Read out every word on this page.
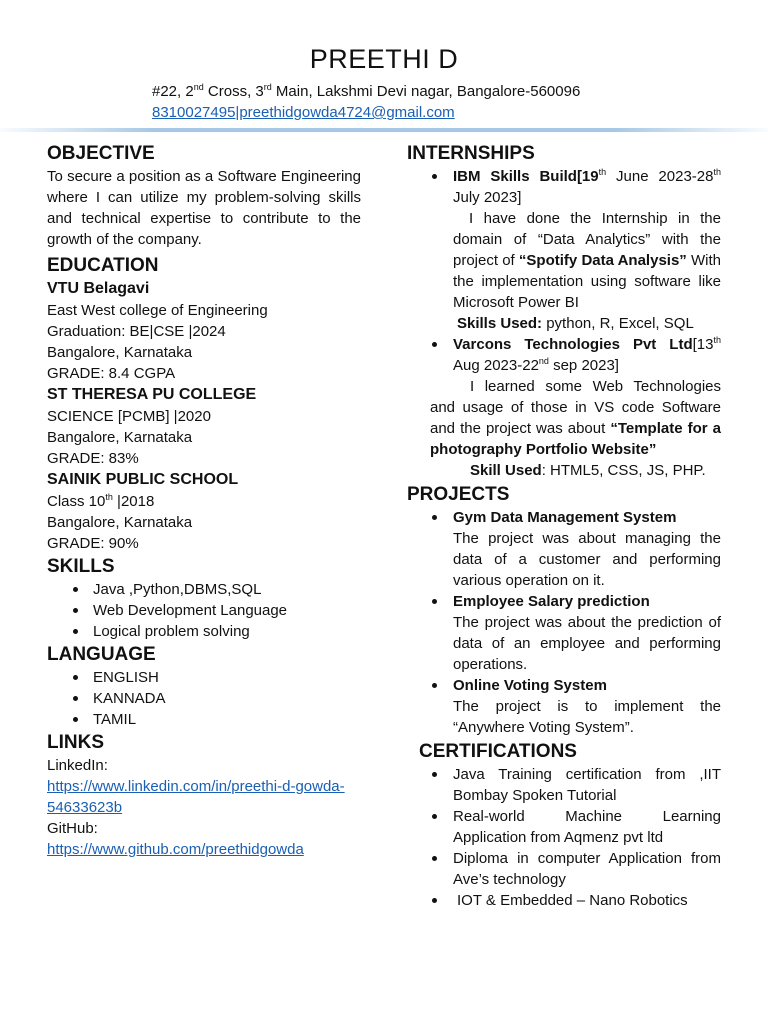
PREETHI D
#22, 2nd Cross, 3rd Main, Lakshmi Devi nagar, Bangalore-560096
8310027495|preethidgowda4724@gmail.com
OBJECTIVE

To secure a position as a Software Engineering where I can utilize my problem-solving skills and technical expertise to contribute to the growth of the company.

EDUCATION
VTU Belagavi

East West college of Engineering

Graduation: BE|CSE |2024

Bangalore, Karnataka

GRADE: 8.4 CGPA

ST THERESA PU COLLEGE

SCIENCE [PCMB] |2020

Bangalore, Karnataka

GRADE: 83%

SAINIK PUBLIC SCHOOL

Class 10th |2018

Bangalore, Karnataka

GRADE: 90%

SKILLS
Java ,Python,DBMS,SQL
Web Development Language
Logical problem solving
LANGUAGE
ENGLISH
KANNADA
TAMIL
LINKS

LinkedIn:

https://www.linkedin.com/in/preethi-d-gowda-54633623b

GitHub:

https://www.github.com/preethidgowda

INTERNSHIPS
IBM Skills Build[19th June 2023-28th July 2023]

I have done the Internship in the domain of “Data Analytics” with the project of “Spotify Data Analysis” With the implementation using software like Microsoft Power BI

Skills Used: python, R, Excel, SQL

Varcons Technologies Pvt Ltd[13th Aug 2023-22nd sep 2023]

I learned some Web Technologies and usage of those in VS code Software and the project was about “Template for a photography Portfolio Website”

Skill Used: HTML5, CSS, JS, PHP.

PROJECTS
Gym Data Management System

The project was about managing the data of a customer and performing various operation on it.

Employee Salary prediction

The project was about the prediction of data of an employee and performing operations.

Online Voting System

The project is to implement the “Anywhere Voting System”.

CERTIFICATIONS
Java Training certification from ,IIT Bombay Spoken Tutorial
Real-world Machine Learning Application from Aqmenz pvt ltd
Diploma in computer Application from Ave’s technology
IOT & Embedded – Nano Robotics
